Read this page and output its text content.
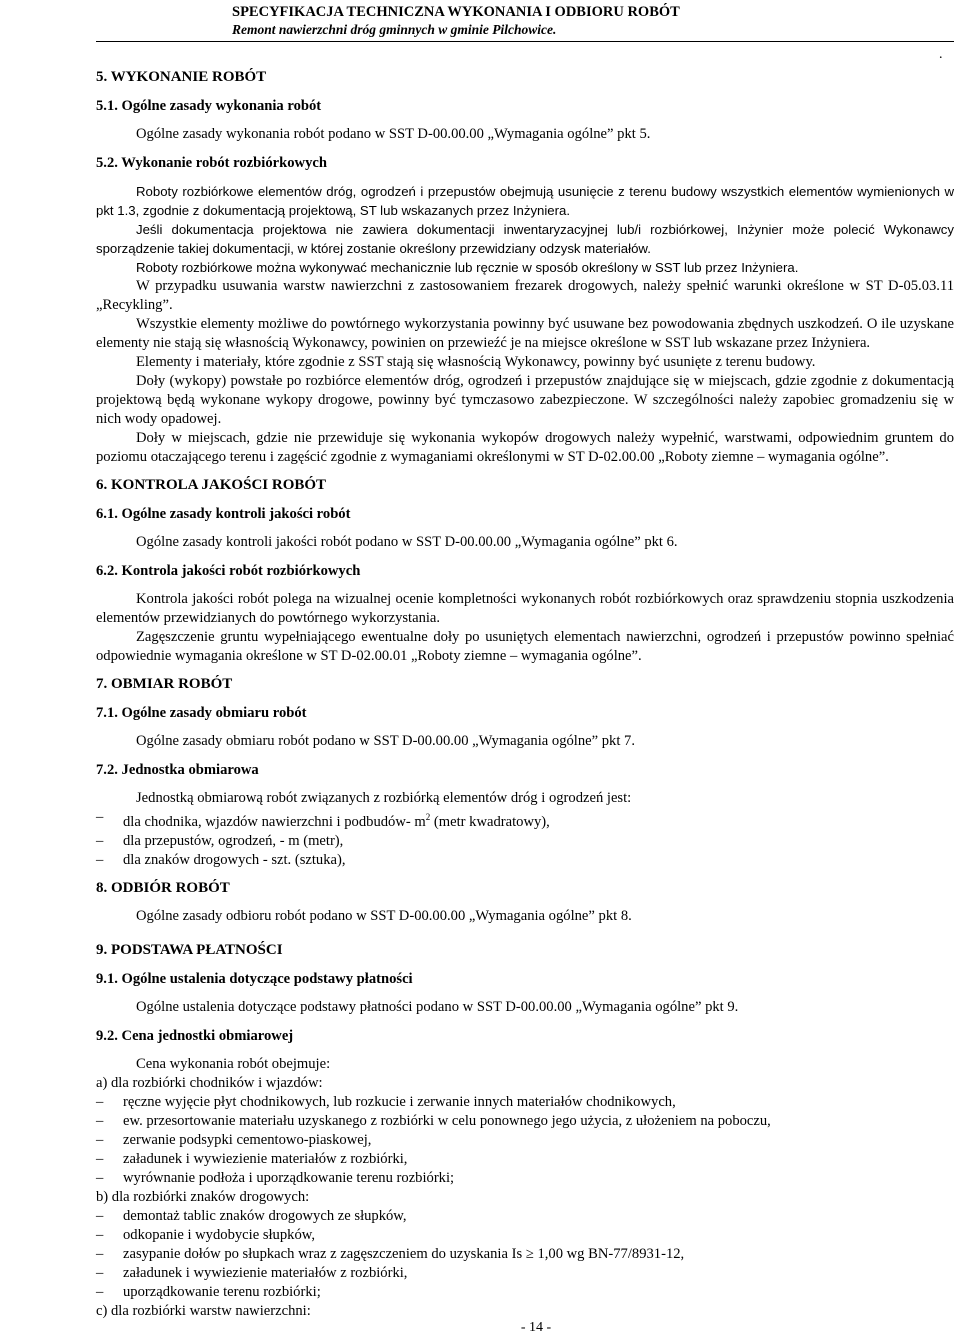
SPECYFIKACJA TECHNICZNA WYKONANIA I ODBIORU ROBÓT
Remont nawierzchni dróg gminnych w gminie Pilchowice.
.
5. WYKONANIE ROBÓT
5.1. Ogólne zasady wykonania robót

Ogólne zasady wykonania robót podano w SST D-00.00.00 „Wymagania ogólne” pkt 5.

5.2. Wykonanie robót rozbiórkowych

Roboty rozbiórkowe elementów dróg, ogrodzeń i przepustów obejmują usunięcie z terenu budowy wszystkich elementów wymienionych w pkt 1.3, zgodnie z dokumentacją projektową, ST lub wskazanych przez Inżyniera.

Jeśli dokumentacja projektowa nie zawiera dokumentacji inwentaryzacyjnej lub/i rozbiórkowej, Inżynier może polecić Wykonawcy sporządzenie takiej dokumentacji, w której zostanie określony przewidziany odzysk materiałów.

Roboty rozbiórkowe można wykonywać mechanicznie lub ręcznie w sposób określony w SST lub przez Inżyniera.

W przypadku usuwania warstw nawierzchni z zastosowaniem frezarek drogowych, należy spełnić warunki określone w ST D-05.03.11 „Recykling”.

Wszystkie elementy możliwe do powtórnego wykorzystania powinny być usuwane bez powodowania zbędnych uszkodzeń. O ile uzyskane elementy nie stają się własnością Wykonawcy, powinien on przewieźć je na miejsce określone w SST lub wskazane przez Inżyniera.

Elementy i materiały, które zgodnie z SST stają się własnością Wykonawcy, powinny być usunięte z terenu budowy.

Doły (wykopy) powstałe po rozbiórce elementów dróg, ogrodzeń i przepustów znajdujące się w miejscach, gdzie zgodnie z dokumentacją projektową będą wykonane wykopy drogowe, powinny być tymczasowo zabezpieczone. W szczególności należy zapobiec gromadzeniu się w nich wody opadowej.

Doły w miejscach, gdzie nie przewiduje się wykonania wykopów drogowych należy wypełnić, warstwami, odpowiednim gruntem do poziomu otaczającego terenu i zagęścić zgodnie z wymaganiami określonymi w ST D-02.00.00 „Roboty ziemne – wymagania ogólne”.

6. KONTROLA JAKOŚCI ROBÓT
6.1. Ogólne zasady kontroli jakości robót

Ogólne zasady kontroli jakości robót podano w SST D-00.00.00 „Wymagania ogólne” pkt 6.

6.2. Kontrola jakości robót rozbiórkowych

Kontrola jakości robót polega na wizualnej ocenie kompletności wykonanych robót rozbiórkowych oraz sprawdzeniu stopnia uszkodzenia elementów przewidzianych do powtórnego wykorzystania.

Zagęszczenie gruntu wypełniającego ewentualne doły po usuniętych elementach nawierzchni, ogrodzeń i przepustów powinno spełniać odpowiednie wymagania określone w ST D-02.00.01 „Roboty ziemne – wymagania ogólne”.

7. OBMIAR ROBÓT
7.1. Ogólne zasady obmiaru robót

Ogólne zasady obmiaru robót podano w SST D-00.00.00 „Wymagania ogólne” pkt 7.

7.2. Jednostka obmiarowa

Jednostką obmiarową robót związanych z rozbiórką elementów dróg i ogrodzeń jest:

– dla chodnika, wjazdów nawierzchni i podbudów- $m^2$ (metr kwadratowy),

– dla przepustów, ogrodzeń, - m (metr),

– dla znaków drogowych - szt. (sztuka),

8. ODBIÓR ROBÓT

Ogólne zasady odbioru robót podano w SST D-00.00.00 „Wymagania ogólne” pkt 8.

9. PODSTAWA PŁATNOŚCI
9.1. Ogólne ustalenia dotyczące podstawy płatności

Ogólne ustalenia dotyczące podstawy płatności podano w SST D-00.00.00 „Wymagania ogólne” pkt 9.

9.2. Cena jednostki obmiarowej

Cena wykonania robót obejmuje:

a) dla rozbiórki chodników i wjazdów:

– ręczne wyjęcie płyt chodnikowych, lub rozkucie i zerwanie innych materiałów chodnikowych,

– ew. przesortowanie materiału uzyskanego z rozbiórki w celu ponownego jego użycia, z ułożeniem na poboczu,

– zerwanie podsypki cementowo-piaskowej,

– załadunek i wywiezienie materiałów z rozbiórki,

– wyrównanie podłoża i uporządkowanie terenu rozbiórki;

b) dla rozbiórki znaków drogowych:

– demontaż tablic znaków drogowych ze słupków,

– odkopanie i wydobycie słupków,

– zasypanie dołów po słupkach wraz z zagęszczeniem do uzyskania Is ≥ 1,00 wg BN-77/8931-12,

– załadunek i wywiezienie materiałów z rozbiórki,

– uporządkowanie terenu rozbiórki;

c) dla rozbiórki warstw nawierzchni:

- 14 -
